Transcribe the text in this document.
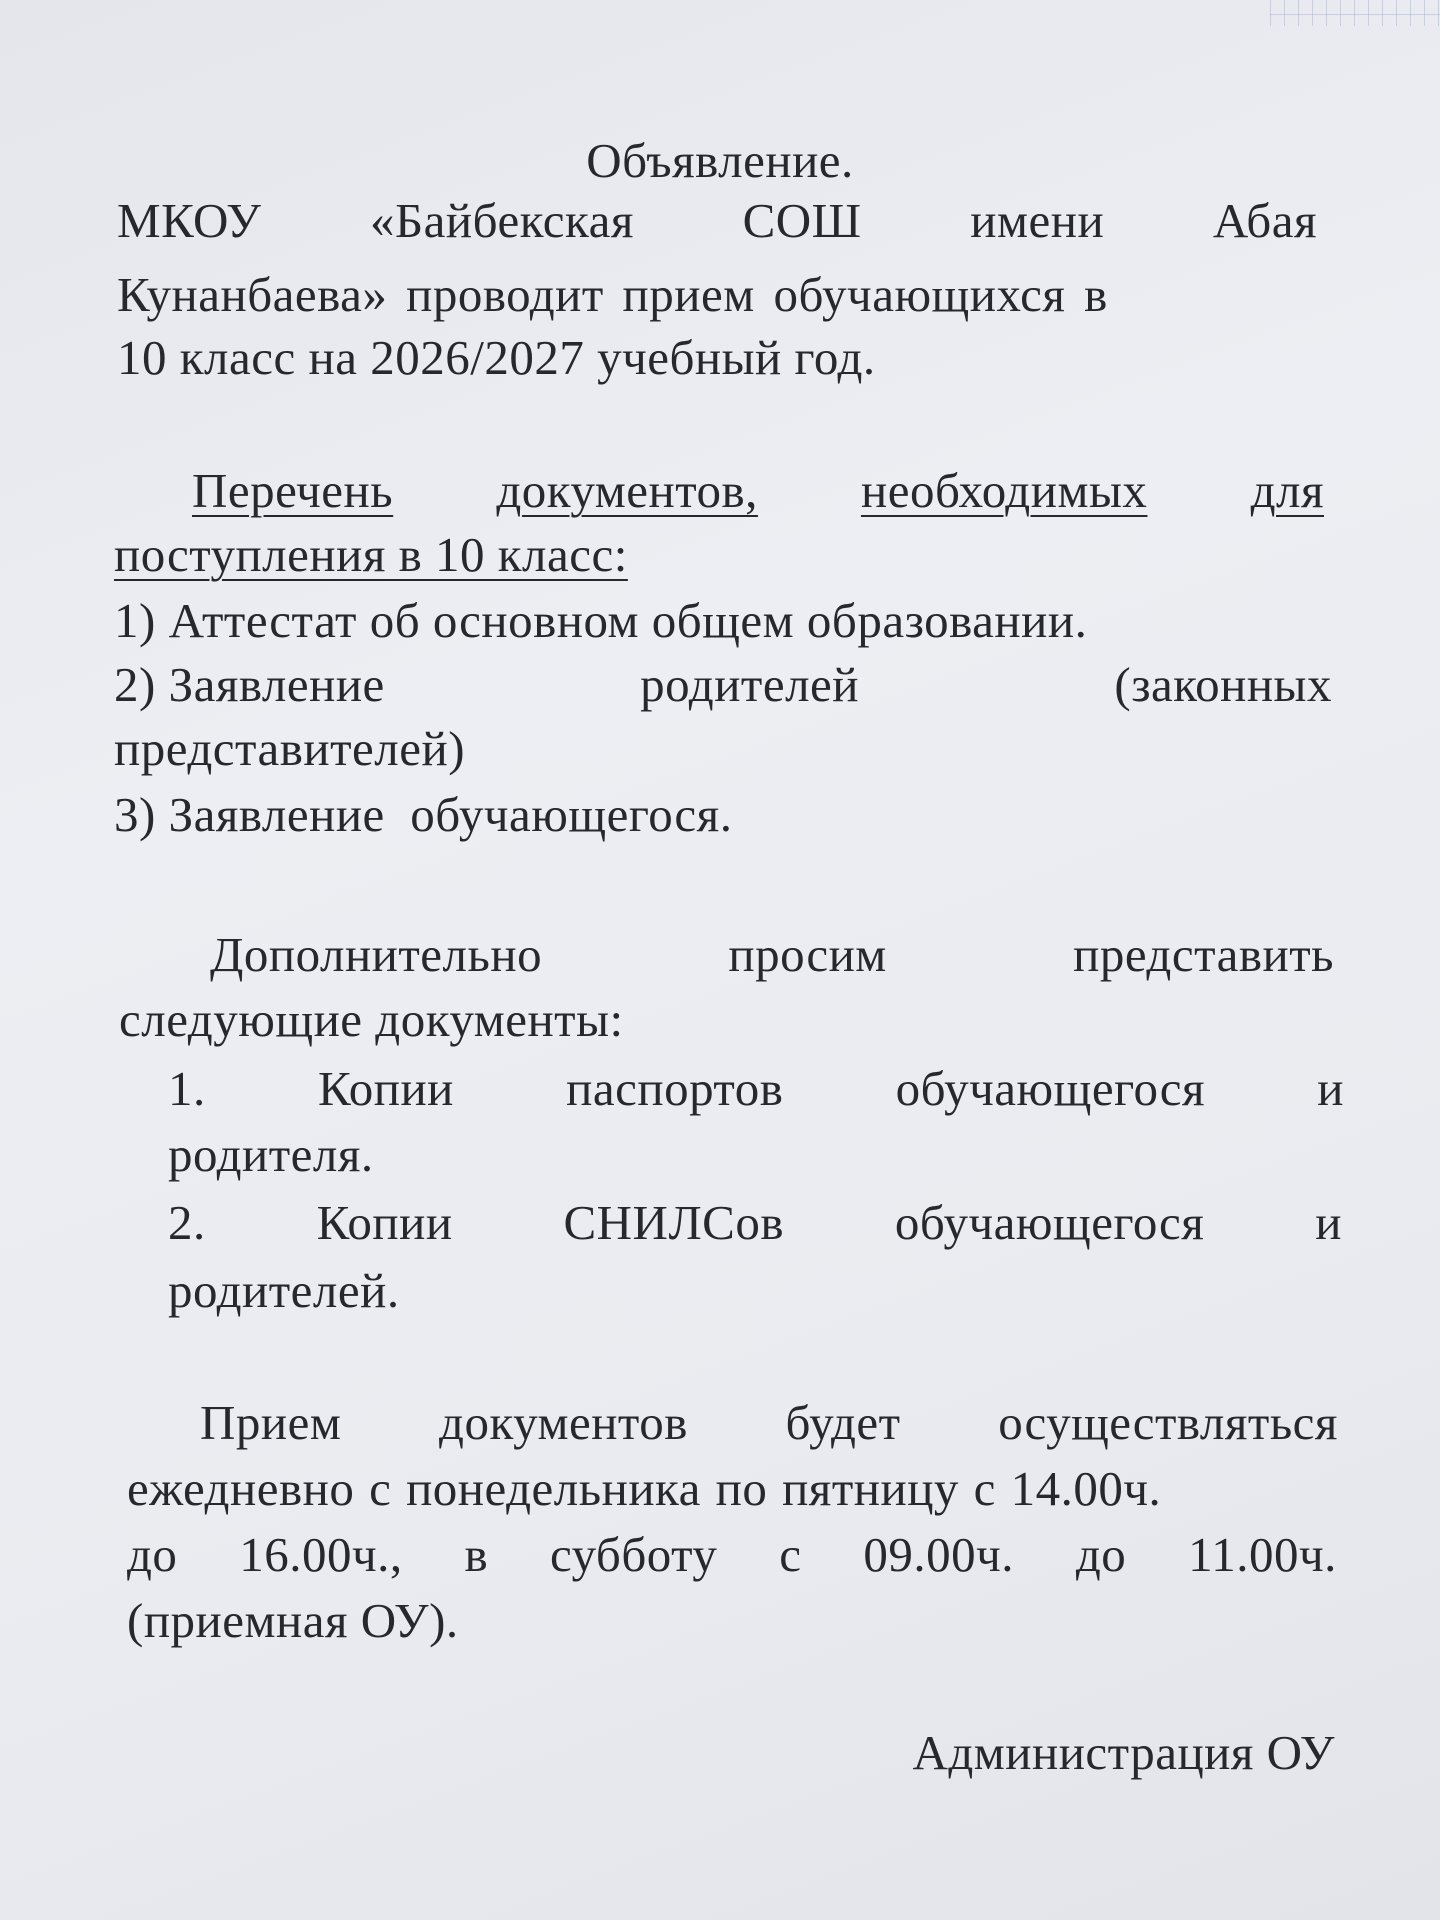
Объявление.
МКОУ «Байбекская СОШ имени Абая
Кунанбаева» проводит прием обучающихся в
10 класс на 2026/2027 учебный год.
Перечень документов, необходимых для
поступления в 10 класс:
1) Аттестат об основном общем образовании.
2) Заявление	родителей	(законных
представителей)
3) Заявление  обучающегося.
Дополнительно	просим	представить
следующие документы:
1. Копии паспортов обучающегося и
родителя.
2. Копии СНИЛСов обучающегося и
родителей.
Прием документов будет осуществляться
ежедневно с понедельника по пятницу с 14.00ч.
до 16.00ч., в субботу с 09.00ч. до 11.00ч.
(приемная ОУ).
Администрация ОУ
